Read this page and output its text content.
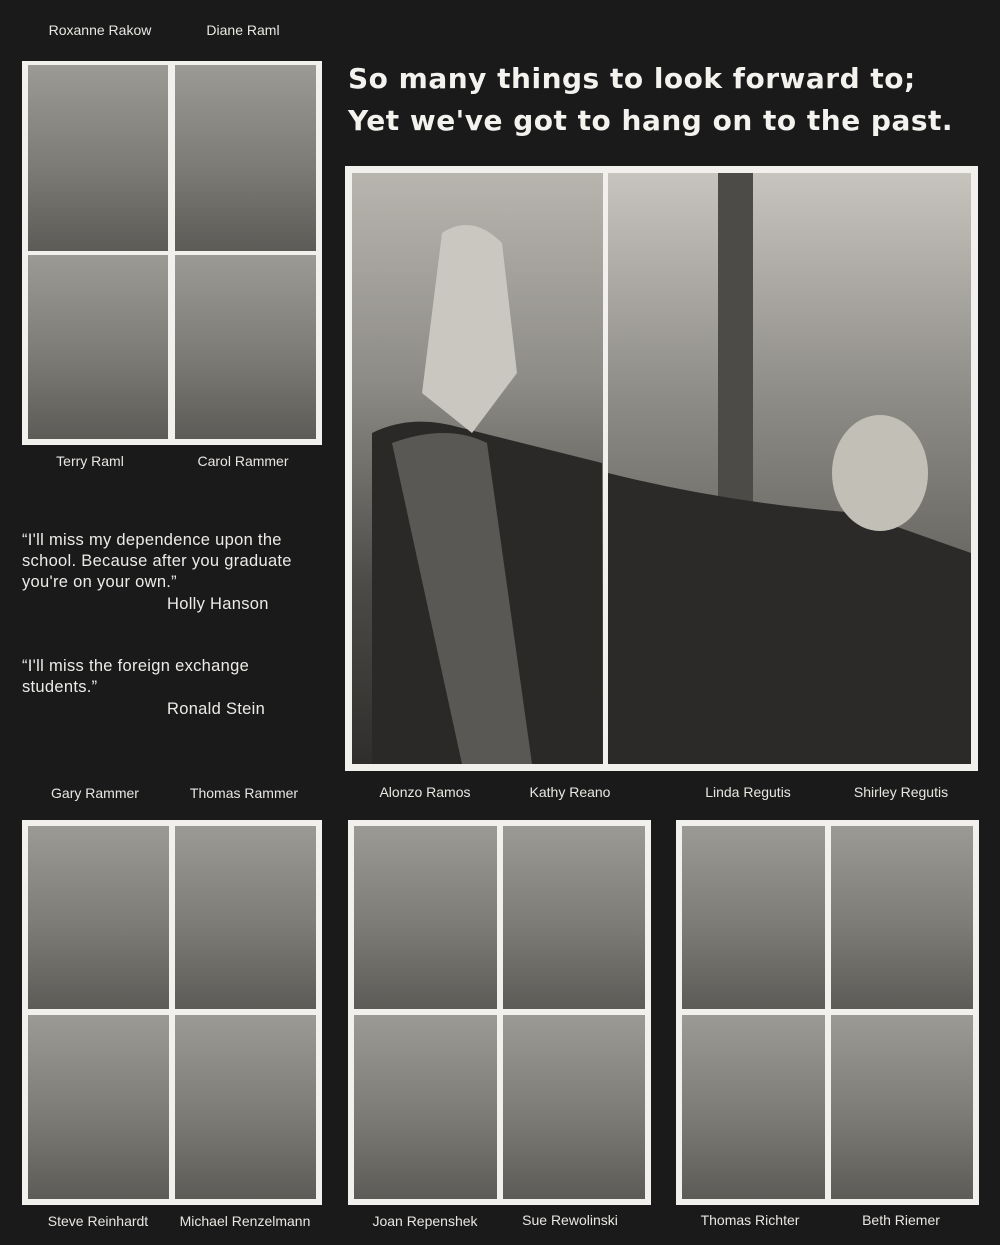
So many things to look forward to;
Yet we've got to hang on to the past.
Roxanne Rakow	Diane Raml
Terry Raml	Carol Rammer
“I'll miss my dependence upon the school. Because after you graduate you're on your own.”
Holly Hanson
“I'll miss the foreign exchange students.”
Ronald Stein
Gary Rammer	Thomas Rammer
Steve Reinhardt	Michael Renzelmann
Alonzo Ramos	Kathy Reano
Joan Repenshek	Sue Rewolinski
Linda Regutis	Shirley Regutis
Thomas Richter	Beth Riemer
